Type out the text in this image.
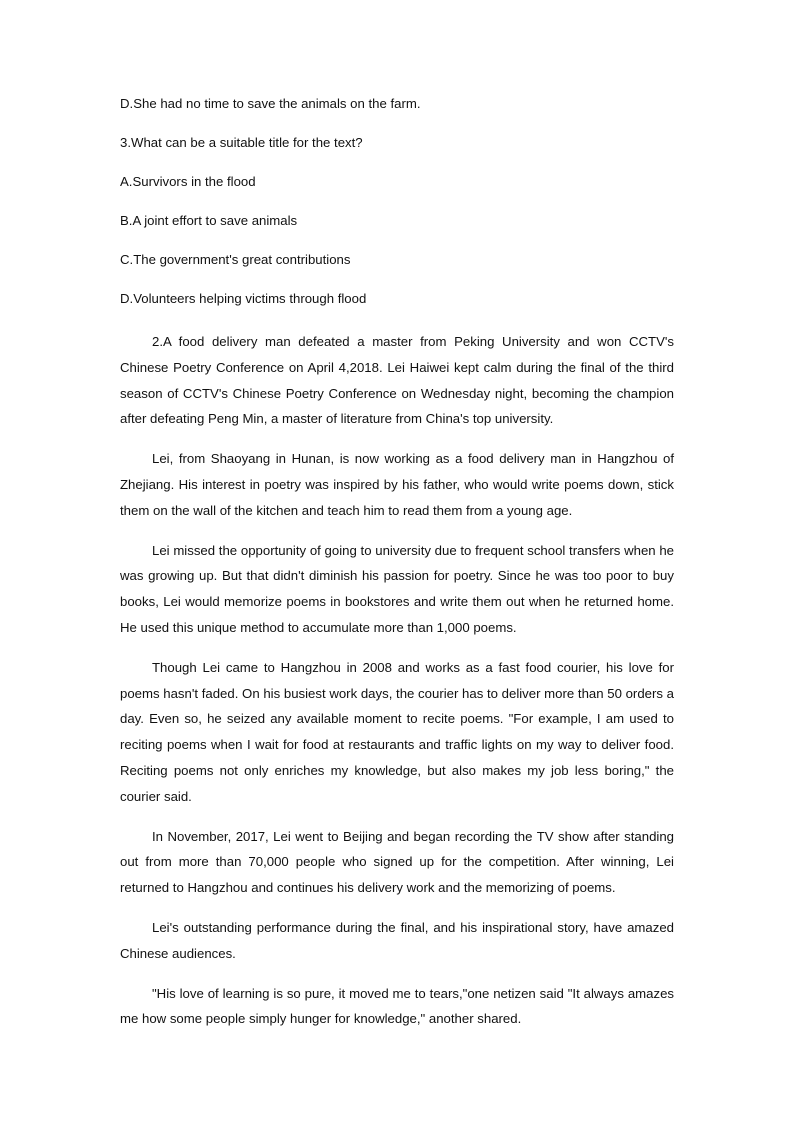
D.She had no time to save the animals on the farm.

3.What can be a suitable title for the text?

A.Survivors in the flood

B.A joint effort to save animals

C.The government's great contributions

D.Volunteers helping victims through flood

2.A food delivery man defeated a master from Peking University and won CCTV's Chinese Poetry Conference on April 4,2018. Lei Haiwei kept calm during the final of the third season of CCTV's Chinese Poetry Conference on Wednesday night, becoming the champion after defeating Peng Min, a master of literature from China's top university.

Lei, from Shaoyang in Hunan, is now working as a food delivery man in Hangzhou of Zhejiang. His interest in poetry was inspired by his father, who would write poems down, stick them on the wall of the kitchen and teach him to read them from a young age.

Lei missed the opportunity of going to university due to frequent school transfers when he was growing up. But that didn't diminish his passion for poetry. Since he was too poor to buy books, Lei would memorize poems in bookstores and write them out when he returned home. He used this unique method to accumulate more than 1,000 poems.

Though Lei came to Hangzhou in 2008 and works as a fast food courier, his love for poems hasn't faded. On his busiest work days, the courier has to deliver more than 50 orders a day. Even so, he seized any available moment to recite poems. "For example, I am used to reciting poems when I wait for food at restaurants and traffic lights on my way to deliver food. Reciting poems not only enriches my knowledge, but also makes my job less boring," the courier said.

In November, 2017, Lei went to Beijing and began recording the TV show after standing out from more than 70,000 people who signed up for the competition. After winning, Lei returned to Hangzhou and continues his delivery work and the memorizing of poems.

Lei's outstanding performance during the final, and his inspirational story, have amazed Chinese audiences.

"His love of learning is so pure, it moved me to tears,"one netizen said "It always amazes me how some people simply hunger for knowledge," another shared.
